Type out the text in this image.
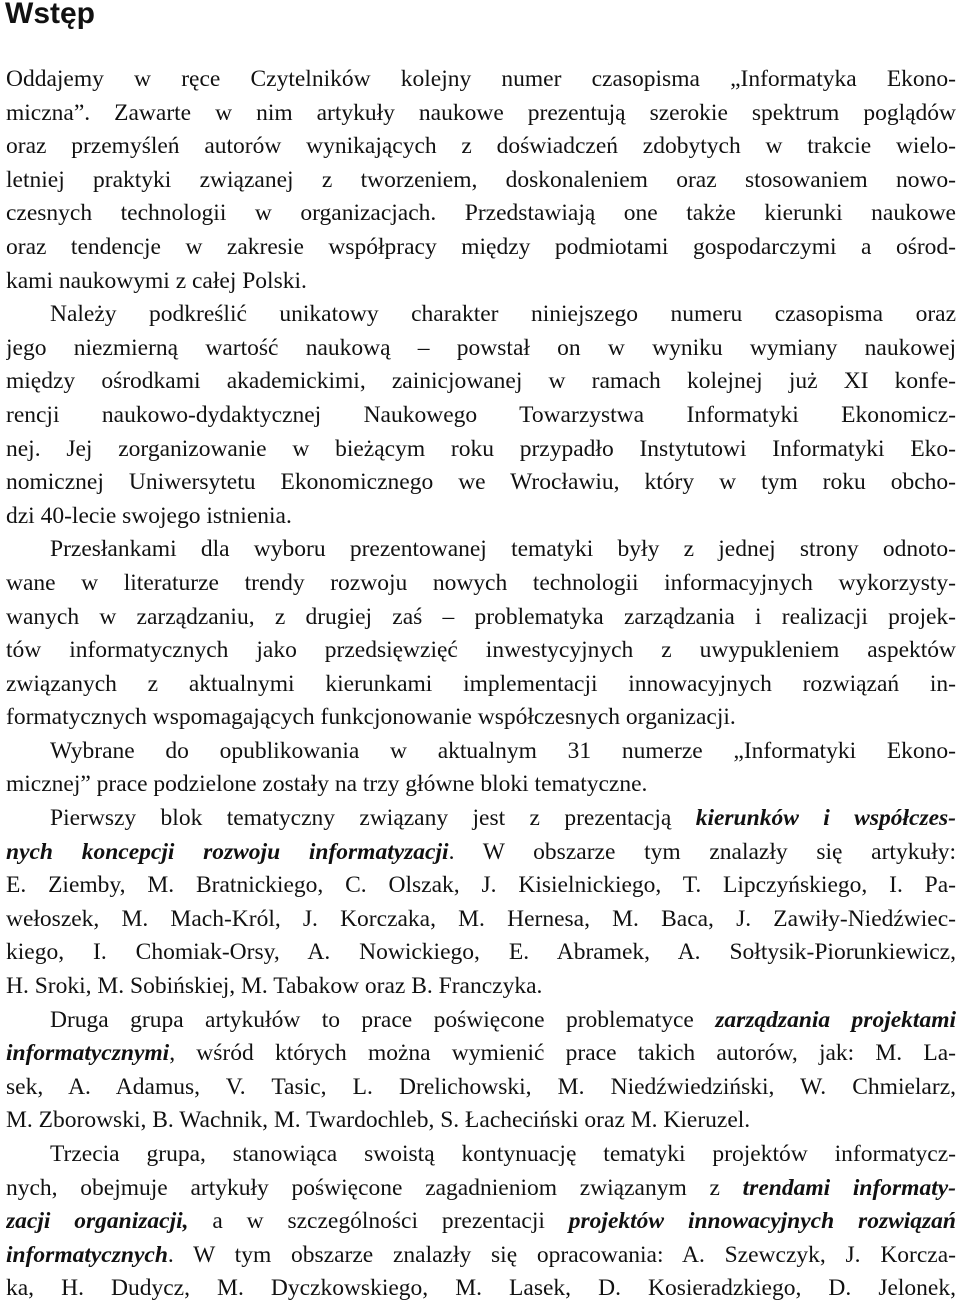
Wstęp
Oddajemy w ręce Czytelników kolejny numer czasopisma „Informatyka Ekono-
miczna”. Zawarte w nim artykuły naukowe prezentują szerokie spektrum poglądów
oraz przemyśleń autorów wynikających z doświadczeń zdobytych w trakcie wielo-
letniej praktyki związanej z tworzeniem, doskonaleniem oraz stosowaniem nowo-
czesnych technologii w organizacjach. Przedstawiają one także kierunki naukowe
oraz tendencje w zakresie współpracy między podmiotami gospodarczymi a ośrod-
kami naukowymi z całej Polski.
Należy podkreślić unikatowy charakter niniejszego numeru czasopisma oraz
jego niezmierną wartość naukową – powstał on w wyniku wymiany naukowej
między ośrodkami akademickimi, zainicjowanej w ramach kolejnej już XI konfe-
rencji naukowo-dydaktycznej Naukowego Towarzystwa Informatyki Ekonomicz-
nej. Jej zorganizowanie w bieżącym roku przypadło Instytutowi Informatyki Eko-
nomicznej Uniwersytetu Ekonomicznego we Wrocławiu, który w tym roku obcho-
dzi 40-lecie swojego istnienia.
Przesłankami dla wyboru prezentowanej tematyki były z jednej strony odnoto-
wane w literaturze trendy rozwoju nowych technologii informacyjnych wykorzysty-
wanych w zarządzaniu, z drugiej zaś – problematyka zarządzania i realizacji projek-
tów informatycznych jako przedsięwzięć inwestycyjnych z uwypukleniem aspektów
związanych z aktualnymi kierunkami implementacji innowacyjnych rozwiązań in-
formatycznych wspomagających funkcjonowanie współczesnych organizacji.
Wybrane do opublikowania w aktualnym 31 numerze „Informatyki Ekono-
micznej” prace podzielone zostały na trzy główne bloki tematyczne.
Pierwszy blok tematyczny związany jest z prezentacją kierunków i współczes-
nych koncepcji rozwoju informatyzacji. W obszarze tym znalazły się artykuły:
E. Ziemby, M. Bratnickiego, C. Olszak, J. Kisielnickiego, T. Lipczyńskiego, I. Pa-
wełoszek, M. Mach-Król, J. Korczaka, M. Hernesa, M. Baca, J. Zawiły-Niedźwiec-
kiego, I. Chomiak-Orsy, A. Nowickiego, E. Abramek, A. Sołtysik-Piorunkiewicz,
H. Sroki, M. Sobińskiej, M. Tabakow oraz B. Franczyka.
Druga grupa artykułów to prace poświęcone problematyce zarządzania projektami
informatycznymi, wśród których można wymienić prace takich autorów, jak: M. La-
sek, A. Adamus, V. Tasic, L. Drelichowski, M. Niedźwiedziński, W. Chmielarz,
M. Zborowski, B. Wachnik, M. Twardochleb, S. Łacheciński oraz M. Kieruzel.
Trzecia grupa, stanowiąca swoistą kontynuację tematyki projektów informatycz-
nych, obejmuje artykuły poświęcone zagadnieniom związanym z trendami informaty-
zacji organizacji, a w szczególności prezentacji projektów innowacyjnych rozwiązań
informatycznych. W tym obszarze znalazły się opracowania: A. Szewczyk, J. Korcza-
ka, H. Dudycz, M. Dyczkowskiego, M. Lasek, D. Kosieradzkiego, D. Jelonek,
